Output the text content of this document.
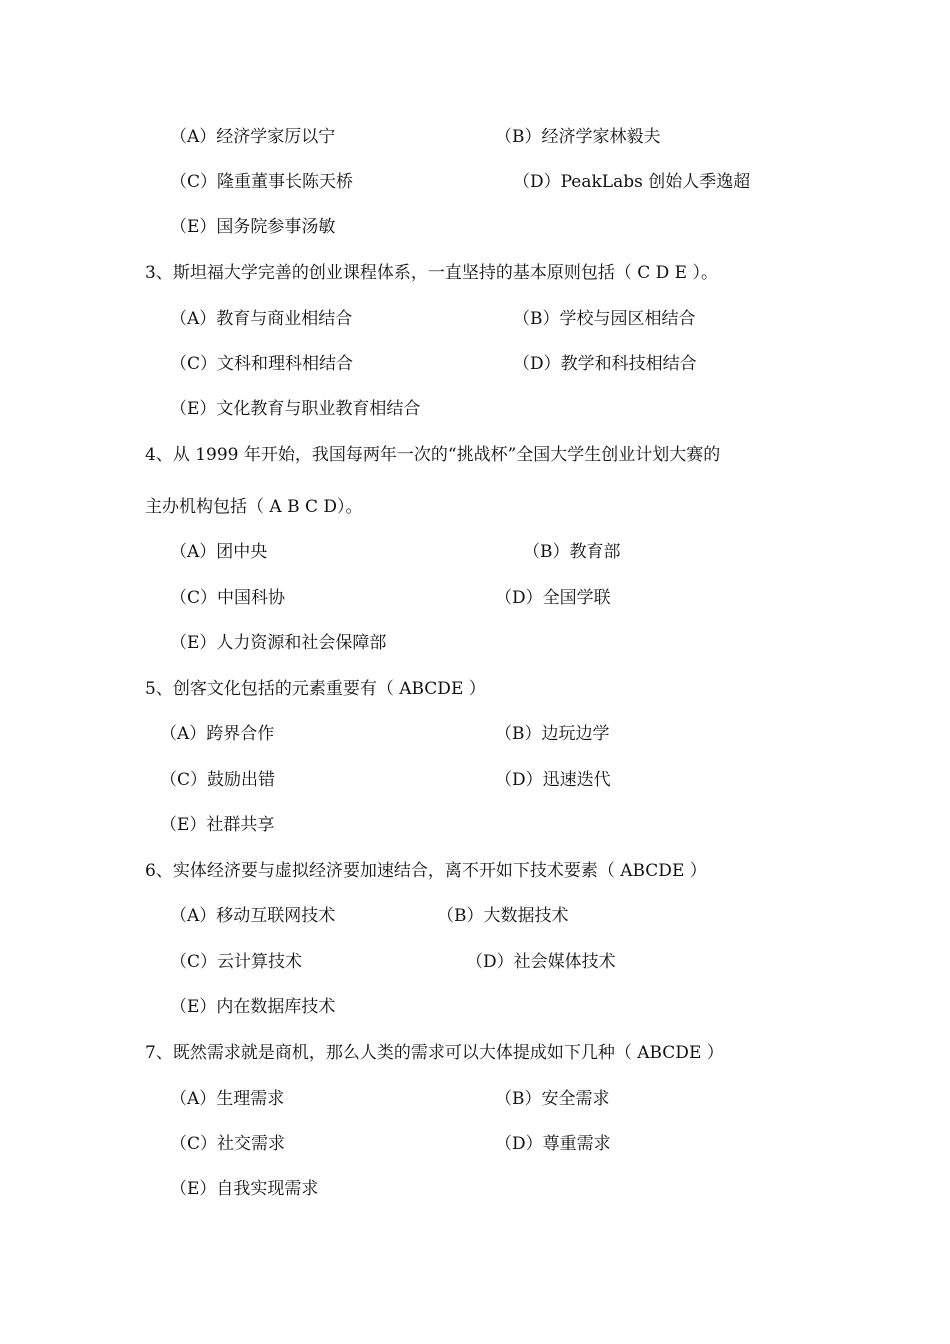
（A）经济学家厉以宁	（B）经济学家林毅夫
（C）隆重董事长陈天桥	（D）PeakLabs 创始人季逸超
（E）国务院参事汤敏
3、斯坦福大学完善的创业课程体系，一直坚持的基本原则包括（ C D E ）。
（A）教育与商业相结合	（B）学校与园区相结合
（C）文科和理科相结合	（D）教学和科技相结合
（E）文化教育与职业教育相结合
4、从 1999 年开始，我国每两年一次的“挑战杯”全国大学生创业计划大赛的
主办机构包括（ A B C D）。
（A）团中央	（B）教育部
（C）中国科协	（D）全国学联
（E）人力资源和社会保障部
5、创客文化包括的元素重要有（ ABCDE ）
（A）跨界合作	（B）边玩边学
（C）鼓励出错	（D）迅速迭代
（E）社群共享
6、实体经济要与虚拟经济要加速结合，离不开如下技术要素（ ABCDE ）
（A）移动互联网技术	（B）大数据技术
（C）云计算技术	（D）社会媒体技术
（E）内在数据库技术
7、既然需求就是商机，那么人类的需求可以大体提成如下几种（ ABCDE ）
（A）生理需求	（B）安全需求
（C）社交需求	（D）尊重需求
（E）自我实现需求
